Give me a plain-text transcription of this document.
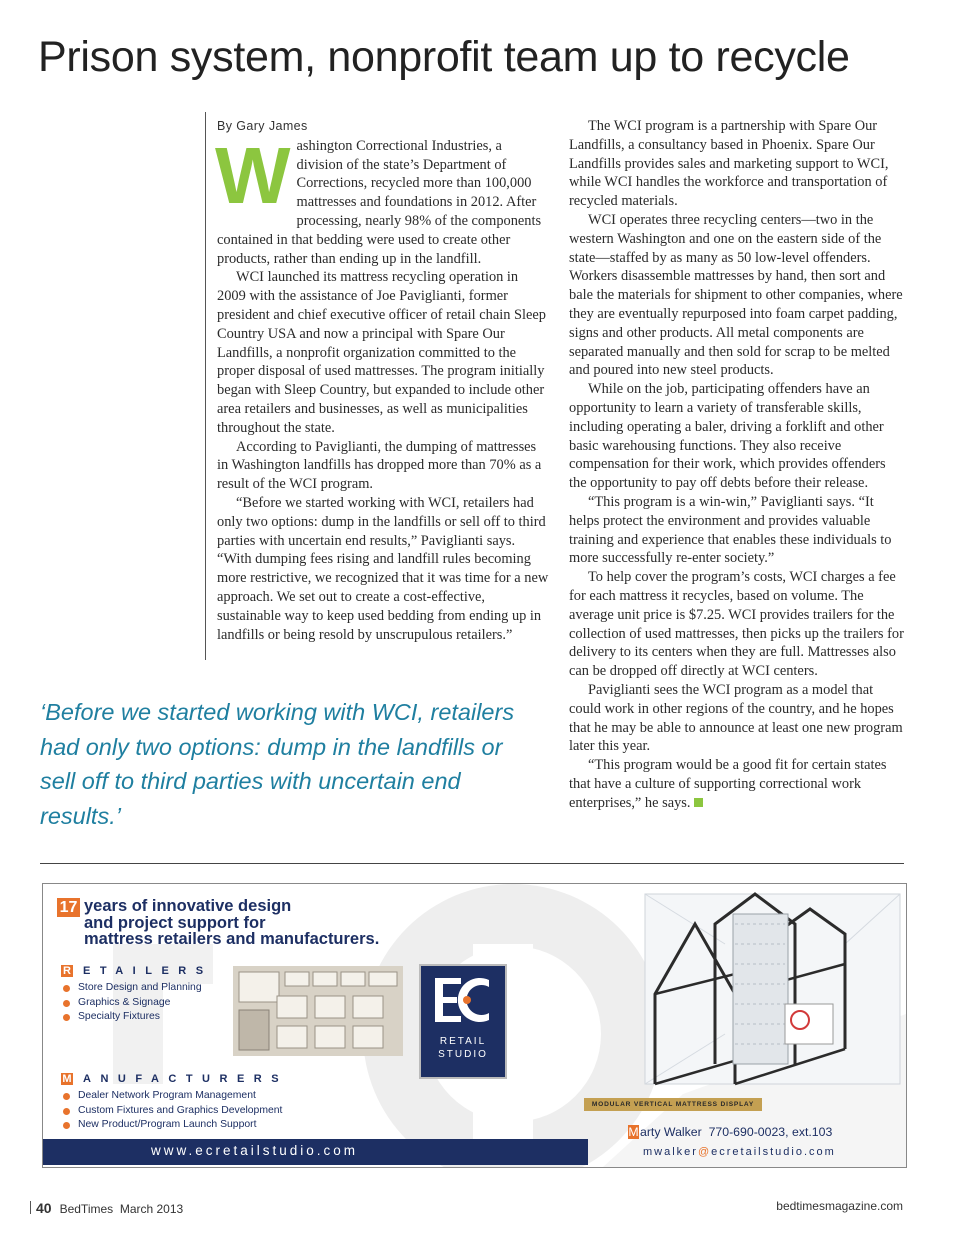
Prison system, nonprofit team up to recycle
By Gary James

Washington Correctional Industries, a division of the state’s Department of Corrections, recycled more than 100,000 mattresses and foundations in 2012. After processing, nearly 98% of the components contained in that bedding were used to create other products, rather than ending up in the landfill.

WCI launched its mattress recycling operation in 2009 with the assistance of Joe Paviglianti, former president and chief executive officer of retail chain Sleep Country USA and now a principal with Spare Our Landfills, a nonprofit organization committed to the proper disposal of used mattresses. The program initially began with Sleep Country, but expanded to include other area retailers and businesses, as well as municipalities throughout the state.

According to Paviglianti, the dumping of mattresses in Washington landfills has dropped more than 70% as a result of the WCI program.

“Before we started working with WCI, retailers had only two options: dump in the landfills or sell off to third parties with uncertain end results,” Paviglianti says. “With dumping fees rising and landfill rules becoming more restrictive, we recognized that it was time for a new approach. We set out to create a cost-effective, sustainable way to keep used bedding from ending up in landfills or being resold by unscrupulous retailers.”

The WCI program is a partnership with Spare Our Landfills, a consultancy based in Phoenix. Spare Our Landfills provides sales and marketing support to WCI, while WCI handles the workforce and transportation of recycled materials.

WCI operates three recycling centers—two in the western Washington and one on the eastern side of the state—staffed by as many as 50 low-level offenders. Workers disassemble mattresses by hand, then sort and bale the materials for shipment to other companies, where they are eventually repurposed into foam carpet padding, signs and other products. All metal components are separated manually and then sold for scrap to be melted and poured into new steel products.

While on the job, participating offenders have an opportunity to learn a variety of transferable skills, including operating a baler, driving a forklift and other basic warehousing functions. They also receive compensation for their work, which provides offenders the opportunity to pay off debts before their release.

“This program is a win-win,” Paviglianti says. “It helps protect the environment and provides valuable training and experience that enables these individuals to more successfully re-enter society.”

To help cover the program’s costs, WCI charges a fee for each mattress it recycles, based on volume. The average unit price is $7.25. WCI provides trailers for the collection of used mattresses, then picks up the trailers for delivery to its centers when they are full. Mattresses also can be dropped off directly at WCI centers.

Paviglianti sees the WCI program as a model that could work in other regions of the country, and he hopes that he may be able to announce at least one new program later this year.

“This program would be a good fit for certain states that have a culture of supporting correctional work enterprises,” he says.

‘Before we started working with WCI, retailers had only two options: dump in the landfills or sell off to third parties with uncertain end results.’

17 years of innovative design
and project support for
mattress retailers and manufacturers.
R ETAILERS
Store Design and Planning
Graphics & Signage
Specialty Fixtures
M ANUFACTURERS
Dealer Network Program Management
Custom Fixtures and Graphics Development
New Product/Program Launch Support
RETAIL
STUDIO
www.ecretailstudio.com
MODULAR VERTICAL MATTRESS DISPLAY
Marty Walker 770-690-0023, ext.103
mwalker@ecretailstudio.com
40 BedTimes March 2013	bedtimesmagazine.com
